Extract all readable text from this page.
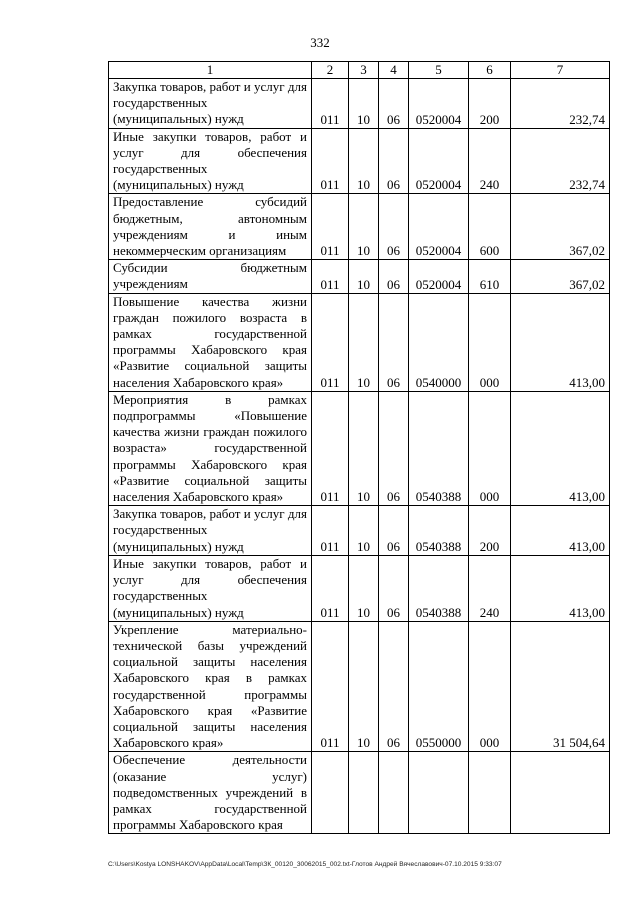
332
1	2	3	4	5	6	7
Закупка товаров, работ и услуг для государственных (муниципальных) нужд	011	10	06	0520004	200	232,74
Иные закупки товаров, работ и услуг для обеспечения государственных (муниципальных) нужд	011	10	06	0520004	240	232,74
Предоставление субсидий бюджетным, автономным учреждениям и иным некоммерческим организациям	011	10	06	0520004	600	367,02
Субсидии бюджетным учреждениям	011	10	06	0520004	610	367,02
Повышение качества жизни граждан пожилого возраста в рамках государственной программы Хабаровского края «Развитие социальной защиты населения Хабаровского края»	011	10	06	0540000	000	413,00
Мероприятия в рамках подпрограммы «Повышение качества жизни граждан пожилого возраста» государственной программы Хабаровского края «Развитие социальной защиты населения Хабаровского края»	011	10	06	0540388	000	413,00
Закупка товаров, работ и услуг для государственных (муниципальных) нужд	011	10	06	0540388	200	413,00
Иные закупки товаров, работ и услуг для обеспечения государственных (муниципальных) нужд	011	10	06	0540388	240	413,00
Укрепление материально-технической базы учреждений социальной защиты населения Хабаровского края в рамках государственной программы Хабаровского края «Развитие социальной защиты населения Хабаровского края»	011	10	06	0550000	000	31 504,64
Обеспечение деятельности (оказание услуг) подведомственных учреждений в рамках государственной программы Хабаровского края						
C:\Users\Kostya LONSHAKOV\AppData\Local\Temp\ЗК_00120_30062015_002.txt-Глотов Андрей Вячеславович-07.10.2015 9:33:07
